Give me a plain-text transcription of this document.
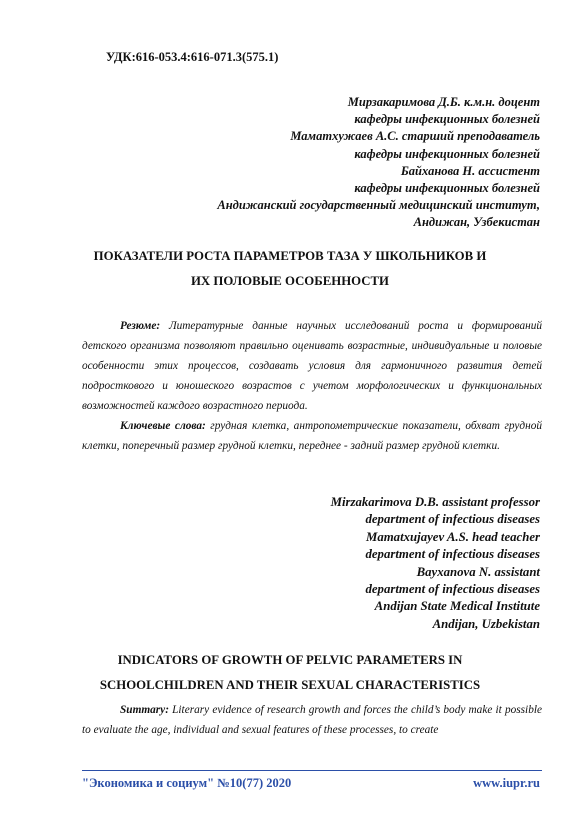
УДК:616-053.4:616-071.3(575.1)
Мирзакаримова Д.Б. к.м.н. доцент
кафедры инфекционных болезней
Маматхужаев А.С. старший преподаватель
кафедры инфекционных болезней
Байханова Н. ассистент
кафедры инфекционных болезней
Андижанский государственный медицинский институт,
Андижан, Узбекистан
ПОКАЗАТЕЛИ РОСТА ПАРАМЕТРОВ ТАЗА У ШКОЛЬНИКОВ И
ИХ ПОЛОВЫЕ ОСОБЕННОСТИ
Резюме: Литературные данные научных исследований роста и формирований детского организма позволяют правильно оценивать возрастные, индивидуальные и половые особенности этих процессов, создавать условия для гармоничного развития детей подросткового и юношеского возрастов с учетом морфологических и функциональных возможностей каждого возрастного периода.
Ключевые слова: грудная клетка, антропометрические показатели, обхват грудной клетки, поперечный размер грудной клетки, переднее - задний размер грудной клетки.
Mirzakarimova D.B. assistant professor
department of infectious diseases
Mamatxujayev A.S. head teacher
department of infectious diseases
Bayxanova N. assistant
department of infectious diseases
Andijan State Medical Institute
Andijan, Uzbekistan
INDICATORS OF GROWTH OF PELVIC PARAMETERS IN
SCHOOLCHILDREN AND THEIR SEXUAL CHARACTERISTICS
Summary: Literary evidence of research growth and forces the child’s body make it possible to evaluate the age, individual and sexual features of these processes, to create
"Экономика и социум" №10(77) 2020	www.iupr.ru
